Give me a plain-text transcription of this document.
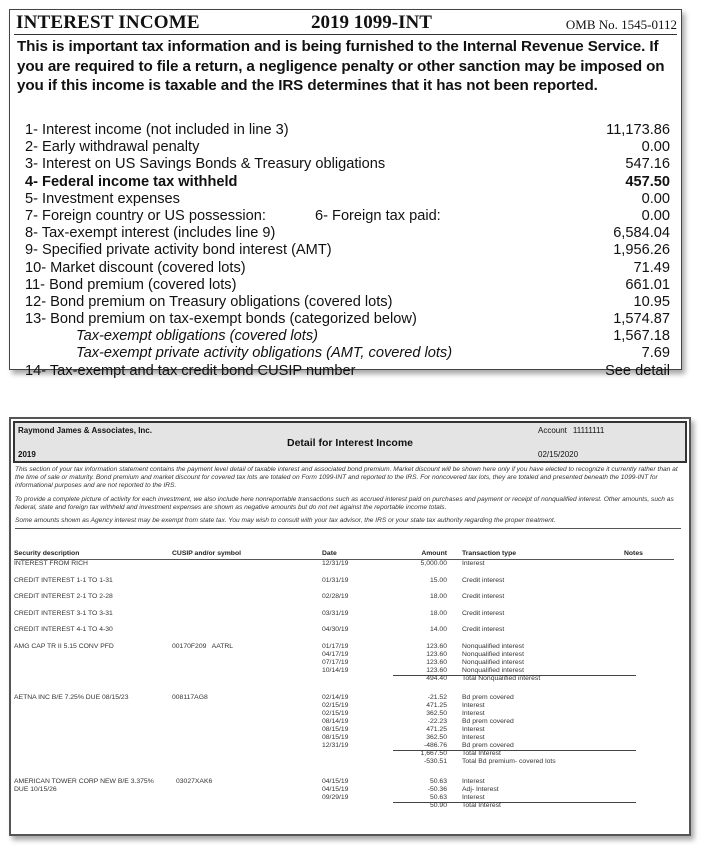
INTEREST INCOME	2019 1099-INT	OMB No. 1545-0112
This is important tax information and is being furnished to the Internal Revenue Service. If you are required to file a return, a negligence penalty or other sanction may be imposed on you if this income is taxable and the IRS determines that it has not been reported.
1- Interest income (not included in line 3)	11,173.86
2- Early withdrawal penalty	0.00
3- Interest on US Savings Bonds & Treasury obligations	547.16
4- Federal income tax withheld	457.50
5- Investment expenses	0.00
7- Foreign country or US possession:	6- Foreign tax paid:	0.00
8- Tax-exempt interest (includes line 9)	6,584.04
9- Specified private activity bond interest (AMT)	1,956.26
10- Market discount (covered lots)	71.49
11- Bond premium (covered lots)	661.01
12- Bond premium on Treasury obligations (covered lots)	10.95
13- Bond premium on tax-exempt bonds (categorized below)	1,574.87
Tax-exempt obligations (covered lots)	1,567.18
Tax-exempt private activity obligations (AMT, covered lots)	7.69
14- Tax-exempt and tax credit bond CUSIP number	See detail
Raymond James & Associates, Inc.	Account 11111111
Detail for Interest Income
2019	02/15/2020

This section of your tax information statement contains the payment level detail of taxable interest and associated bond premium. Market discount will be shown here only if you have elected to recognize it currently rather than at the time of sale or maturity. Bond premium and market discount for covered tax lots are totaled on Form 1099-INT and reported to the IRS. For noncovered tax lots, they are totaled and presented beneath the 1099-INT for informational purposes and are not reported to the IRS.

To provide a complete picture of activity for each investment, we also include here nonreportable transactions such as accrued interest paid on purchases and payment or receipt of nonqualified interest. Other amounts, such as federal, state and foreign tax withheld and investment expenses are shown as negative amounts but do not net against the reportable income totals.

Some amounts shown as Agency interest may be exempt from state tax. You may wish to consult with your tax advisor, the IRS or your state tax authority regarding the proper treatment.

Security description	CUSIP and/or symbol	Date	Amount Transaction type	Notes
INTEREST FROM RICH	12/31/19	5,000.00 Interest
CREDIT INTEREST 1-1 TO 1-31	01/31/19	15.00 Credit interest
CREDIT INTEREST 2-1 TO 2-28	02/28/19	18.00 Credit interest
CREDIT INTEREST 3-1 TO 3-31	03/31/19	18.00 Credit interest
CREDIT INTEREST 4-1 TO 4-30	04/30/19	14.00 Credit interest
AMG CAP TR II 5.15 CONV PFD	00170F209   AATRL	01/17/19	123.60 Nonqualified interest
04/17/19	123.60 Nonqualified interest
07/17/19	123.60 Nonqualified interest
10/14/19	123.60 Nonqualified interest
494.40 Total Nonqualified interest
AETNA INC B/E 7.25% DUE 08/15/23	008117AG8	02/14/19	-21.52 Bd prem covered
02/15/19	471.25 Interest
02/15/19	362.50 Interest
08/14/19	-22.23 Bd prem covered
08/15/19	471.25 Interest
08/15/19	362.50 Interest
12/31/19	-486.76 Bd prem covered
1,667.50 Total Interest
-530.51 Total Bd premium- covered lots
AMERICAN TOWER CORP NEW B/E 3.375%	03027XAK6	04/15/19	50.63 Interest
DUE 10/15/26	04/15/19	-50.36 Adj- Interest
09/29/19	50.63 Interest
50.90 Total Interest
